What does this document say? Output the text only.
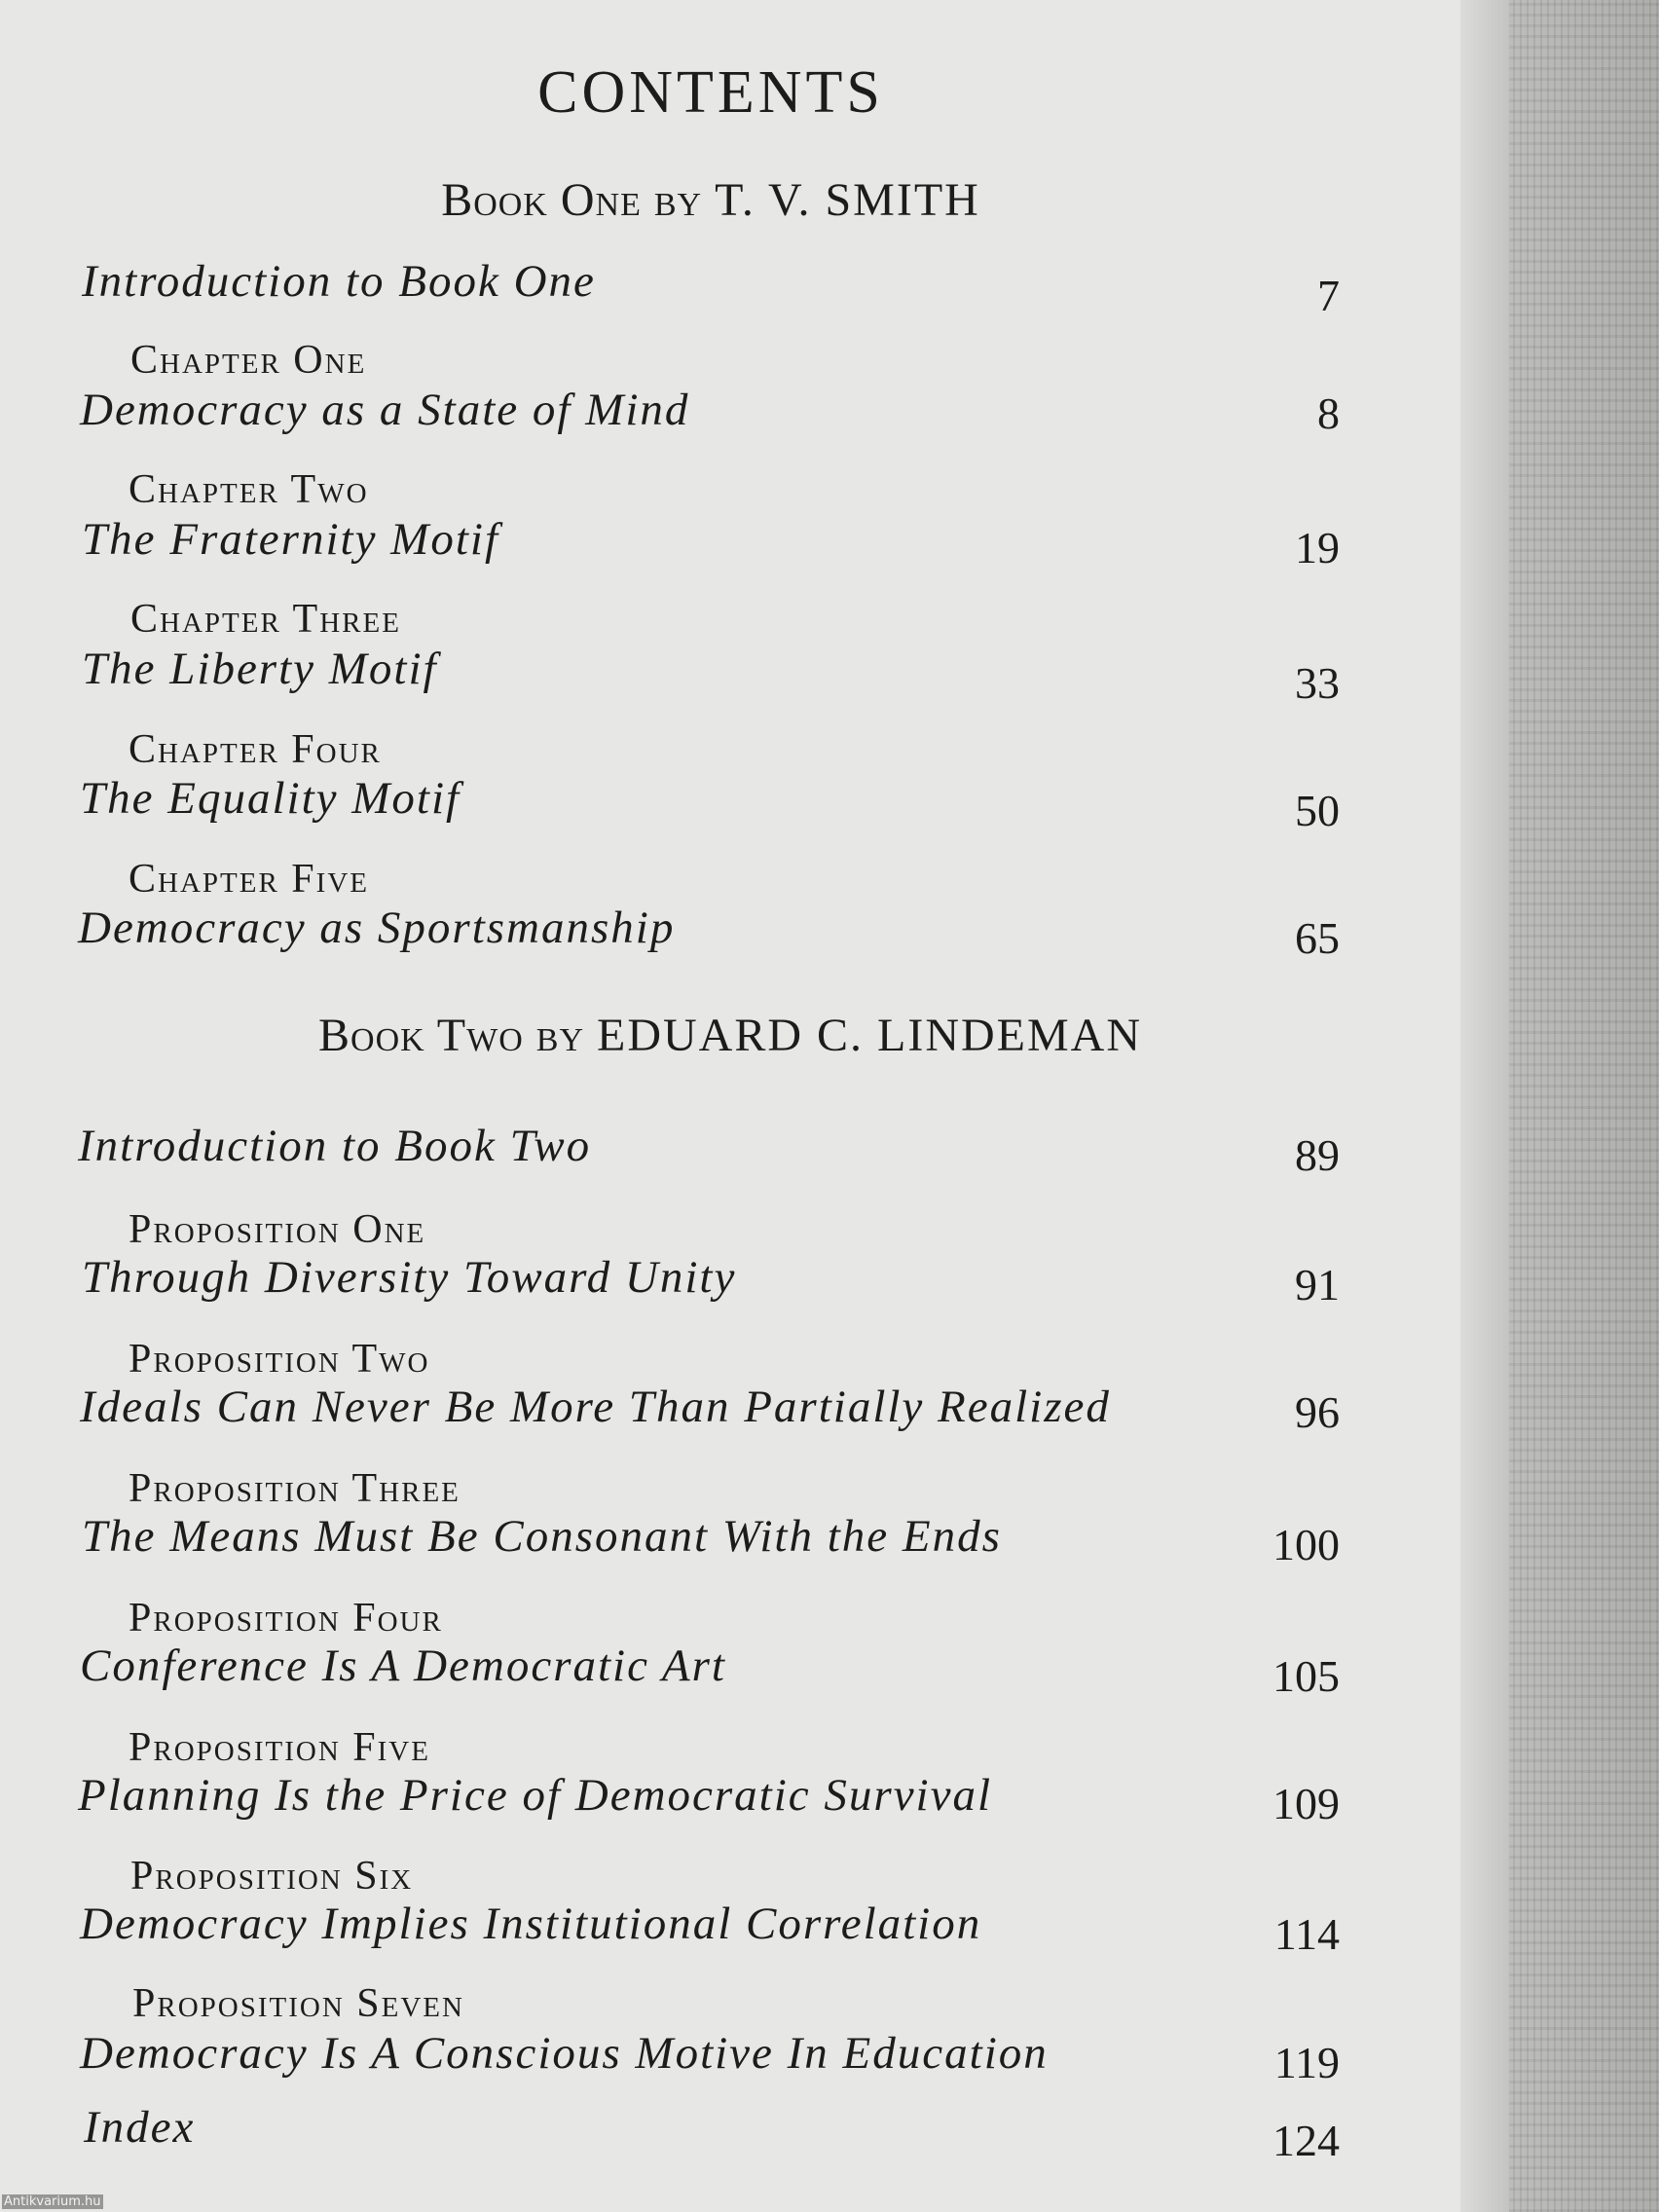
CONTENTS
Book One by T. V. SMITH
Introduction to Book One	7
Chapter One
Democracy as a State of Mind	8
Chapter Two
The Fraternity Motif	19
Chapter Three
The Liberty Motif	33
Chapter Four
The Equality Motif	50
Chapter Five
Democracy as Sportsmanship	65
Book Two by EDUARD C. LINDEMAN
Introduction to Book Two	89
Proposition One
Through Diversity Toward Unity	91
Proposition Two
Ideals Can Never Be More Than Partially Realized	96
Proposition Three
The Means Must Be Consonant With the Ends	100
Proposition Four
Conference Is A Democratic Art	105
Proposition Five
Planning Is the Price of Democratic Survival	109
Proposition Six
Democracy Implies Institutional Correlation	114
Proposition Seven
Democracy Is A Conscious Motive In Education	119
Index	124
Antikvarium.hu
